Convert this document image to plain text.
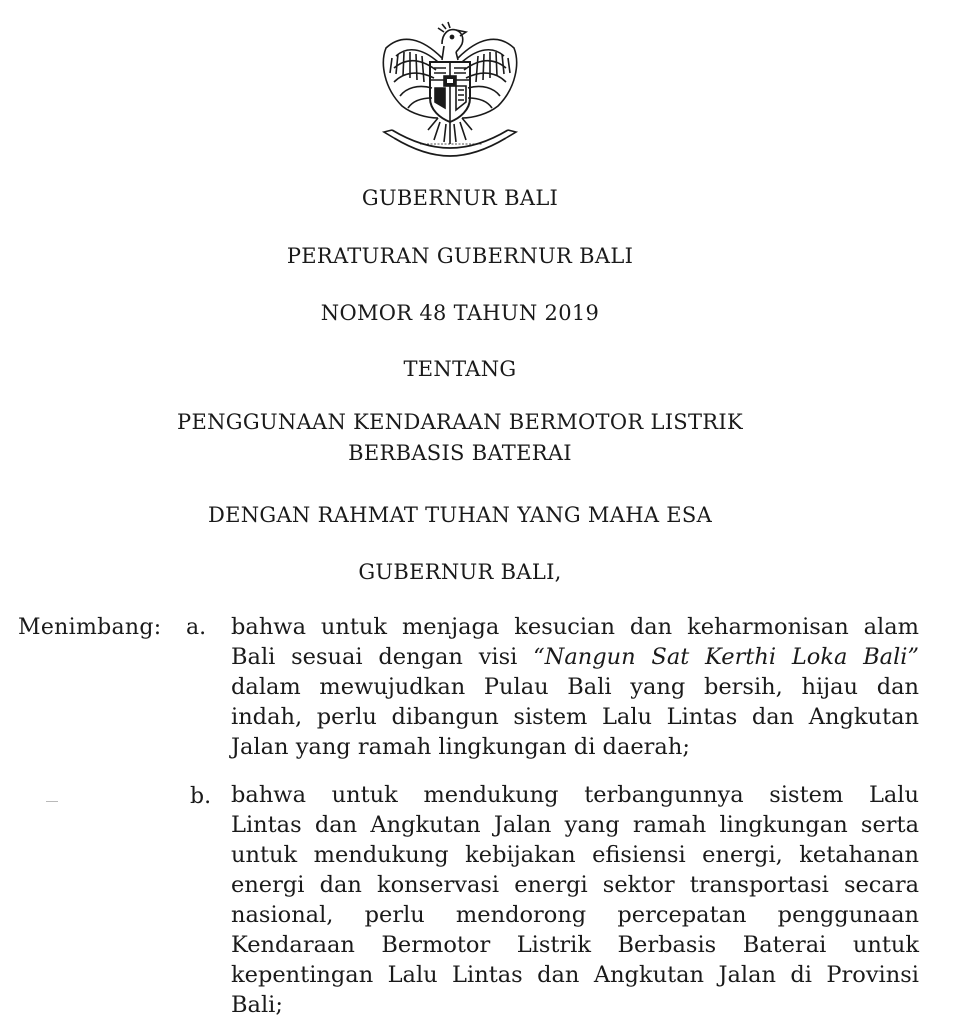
GUBERNUR BALI
PERATURAN GUBERNUR BALI
NOMOR 48 TAHUN 2019
TENTANG
PENGGUNAAN KENDARAAN BERMOTOR LISTRIK
BERBASIS BATERAI
DENGAN RAHMAT TUHAN YANG MAHA ESA
GUBERNUR BALI,
Menimbang: a. bahwa untuk menjaga kesucian dan keharmonisan alam
Bali sesuai dengan visi “Nangun Sat Kerthi Loka Bali”
dalam mewujudkan Pulau Bali yang bersih, hijau dan
indah, perlu dibangun sistem Lalu Lintas dan Angkutan
Jalan yang ramah lingkungan di daerah;
b. bahwa untuk mendukung terbangunnya sistem Lalu
Lintas dan Angkutan Jalan yang ramah lingkungan serta
untuk mendukung kebijakan efisiensi energi, ketahanan
energi dan konservasi energi sektor transportasi secara
nasional, perlu mendorong percepatan penggunaan
Kendaraan Bermotor Listrik Berbasis Baterai untuk
kepentingan Lalu Lintas dan Angkutan Jalan di Provinsi
Bali;
